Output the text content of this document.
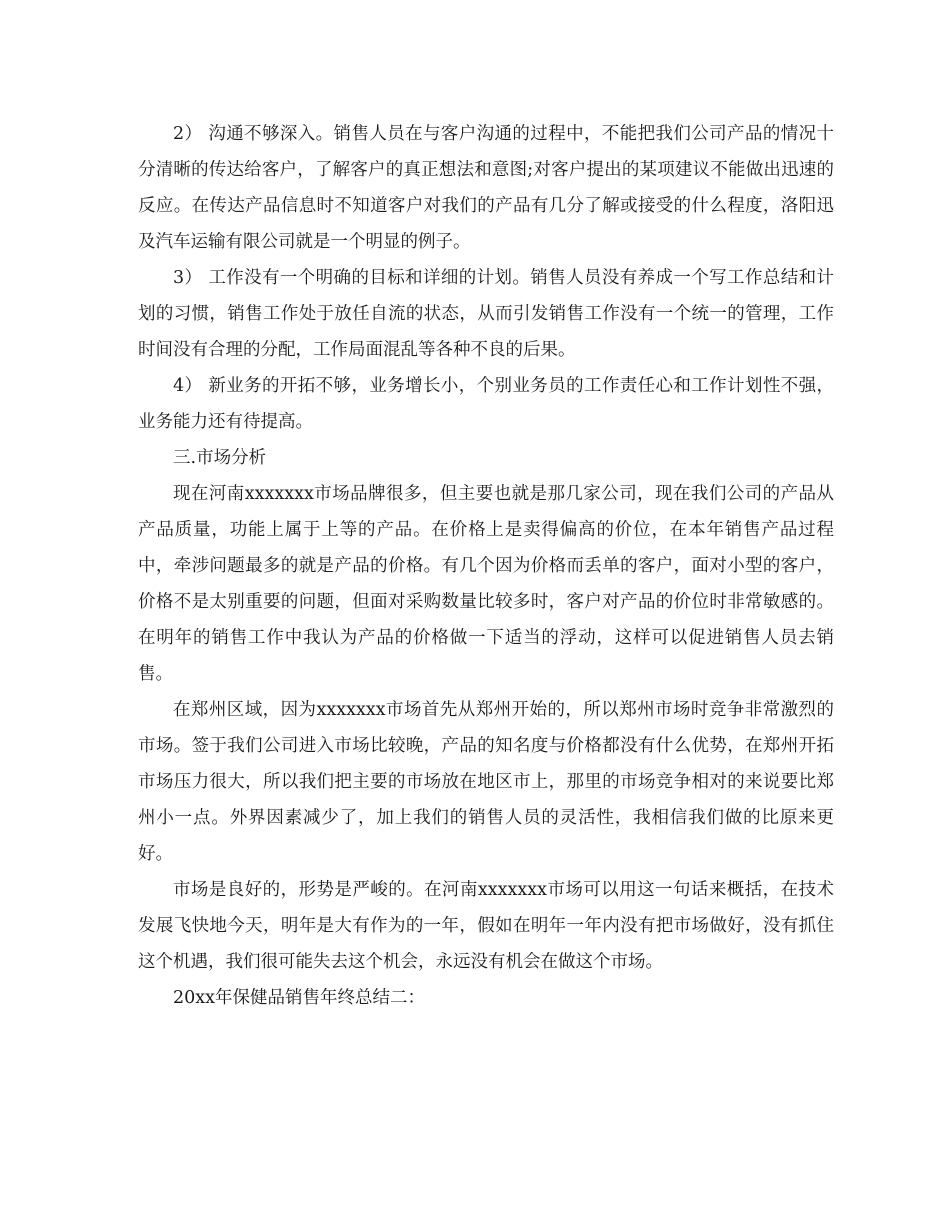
2） 沟通不够深入。销售人员在与客户沟通的过程中，不能把我们公司产品的情况十分清晰的传达给客户，了解客户的真正想法和意图;对客户提出的某项建议不能做出迅速的反应。在传达产品信息时不知道客户对我们的产品有几分了解或接受的什么程度，洛阳迅及汽车运输有限公司就是一个明显的例子。

3） 工作没有一个明确的目标和详细的计划。销售人员没有养成一个写工作总结和计划的习惯，销售工作处于放任自流的状态，从而引发销售工作没有一个统一的管理，工作时间没有合理的分配，工作局面混乱等各种不良的后果。

4） 新业务的开拓不够，业务增长小，个别业务员的工作责任心和工作计划性不强，业务能力还有待提高。

三.市场分析

现在河南xxxxxxx市场品牌很多，但主要也就是那几家公司，现在我们公司的产品从产品质量，功能上属于上等的产品。在价格上是卖得偏高的价位，在本年销售产品过程中，牵涉问题最多的就是产品的价格。有几个因为价格而丢单的客户，面对小型的客户，价格不是太别重要的问题，但面对采购数量比较多时，客户对产品的价位时非常敏感的。在明年的销售工作中我认为产品的价格做一下适当的浮动，这样可以促进销售人员去销售。

在郑州区域，因为xxxxxxx市场首先从郑州开始的，所以郑州市场时竞争非常激烈的市场。签于我们公司进入市场比较晚，产品的知名度与价格都没有什么优势，在郑州开拓市场压力很大，所以我们把主要的市场放在地区市上，那里的市场竞争相对的来说要比郑州小一点。外界因素减少了，加上我们的销售人员的灵活性，我相信我们做的比原来更好。

市场是良好的，形势是严峻的。在河南xxxxxxx市场可以用这一句话来概括，在技术发展飞快地今天，明年是大有作为的一年，假如在明年一年内没有把市场做好，没有抓住这个机遇，我们很可能失去这个机会，永远没有机会在做这个市场。

20xx年保健品销售年终总结二：
